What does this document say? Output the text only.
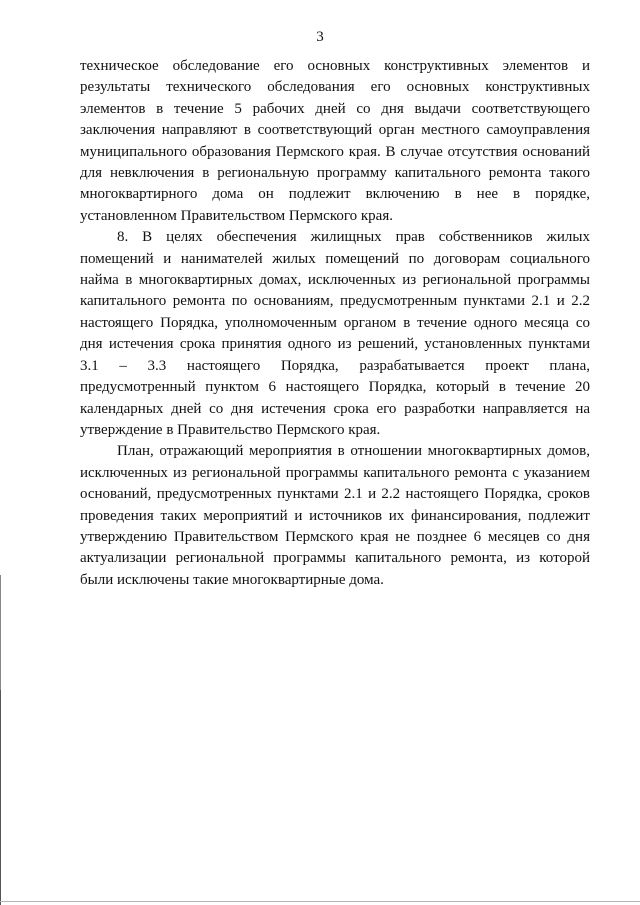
3

техническое обследование его основных конструктивных элементов и результаты технического обследования его основных конструктивных элементов в течение 5 рабочих дней со дня выдачи соответствующего заключения направляют в соответствующий орган местного самоуправления муниципального образования Пермского края. В случае отсутствия оснований для невключения в региональную программу капитального ремонта такого многоквартирного дома он подлежит включению в нее в порядке, установленном Правительством Пермского края.

8. В целях обеспечения жилищных прав собственников жилых помещений и нанимателей жилых помещений по договорам социального найма в многоквартирных домах, исключенных из региональной программы капитального ремонта по основаниям, предусмотренным пунктами 2.1 и 2.2 настоящего Порядка, уполномоченным органом в течение одного месяца со дня истечения срока принятия одного из решений, установленных пунктами 3.1 – 3.3 настоящего Порядка, разрабатывается проект плана, предусмотренный пунктом 6 настоящего Порядка, который в течение 20 календарных дней со дня истечения срока его разработки направляется на утверждение в Правительство Пермского края.

План, отражающий мероприятия в отношении многоквартирных домов, исключенных из региональной программы капитального ремонта с указанием оснований, предусмотренных пунктами 2.1 и 2.2 настоящего Порядка, сроков проведения таких мероприятий и источников их финансирования, подлежит утверждению Правительством Пермского края не позднее 6 месяцев со дня актуализации региональной программы капитального ремонта, из которой были исключены такие многоквартирные дома.
